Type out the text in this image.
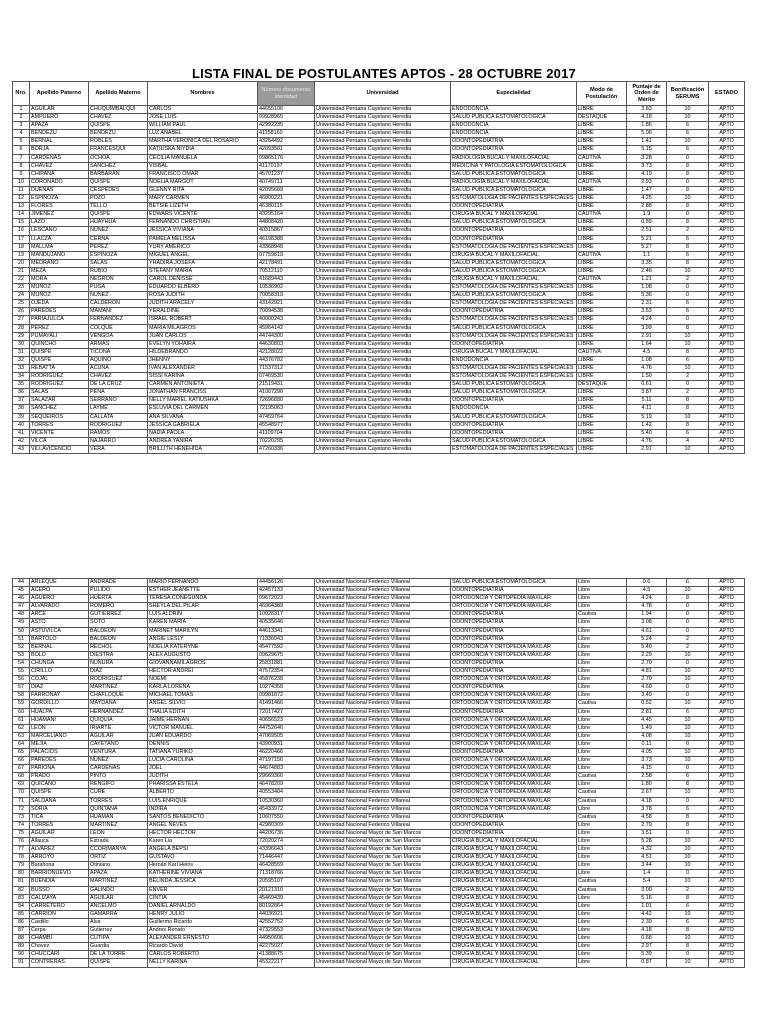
LISTA FINAL DE POSTULANTES APTOS - 28 OCTUBRE 2017
Nro.	Apellido Paterno	Apellido Materno	Nombres	Número documento identidad	Universidad	Especialidad	Modo de Postulación	Puntaje de Orden de Mérito	Bonificación SERUMS	ESTADO
1	AGUILAR	CHUQUIMBALQUI	CARLOS	44655106	Universidad Peruana Cayetano Heredia	ENDODONCIA	LIBRE	3.83	10	APTO
2	AMPUERO	CHAVEZ	JOSE LUIS	09928965	Universidad Peruana Cayetano Heredia	SALUD PUBLICA ESTOMATOLOGICA	DESTAQUE	4.18	10	APTO
3	APAZA	QUISPE	WILLIAM PAUL	42992235	Universidad Peruana Cayetano Heredia	ENDODONCIA	LIBRE	1.86	6	APTO
4	BENDEZU	BENDEZU	LUZ ANABEL	41158160	Universidad Peruana Cayetano Heredia	ENDODONCIA	LIBRE	5.06	6	APTO
5	BERNAL	ROBLES	MARTHA VERONICA DEL ROSARIO	43254492	Universidad Peruana Cayetano Heredia	ODONTOPEDIATRIA	LIBRE	1.41	10	APTO
6	BORJA	FRANCESQUI	KATIUSKA NIYDIA	42093501	Universidad Peruana Cayetano Heredia	ODONTOPEDIATRIA	LIBRE	5.15	6	APTO
7	CARDENAS	OCHOA	CECILIA MANUELA	09865176	Universidad Peruana Cayetano Heredia	RADIOLOGIA BUCAL Y MAXILOFACIAL	CAUTIVA	3.28	0	APTO
8	CHAVEZ	SANCHEZ	VISBAL	41170197	Universidad Peruana Cayetano Heredia	MEDICINA Y PATOLOGIA ESTOMATOLOGICA	LIBRE	3.73	8	APTO
9	CHIPANA	BARBARAN	FRANCISCO OMAR	45701237	Universidad Peruana Cayetano Heredia	SALUD PUBLICA ESTOMATOLOGICA	LIBRE	4.19	8	APTO
10	CORONADO	QUISPE	NOELIA MARGOT	40749711	Universidad Peruana Cayetano Heredia	RADIOLOGIA BUCAL Y MAXILOFACIAL	CAUTIVA	2.93	0	APTO
11	DUEÑAS	CESPEDES	GLENNY RITA	42095609	Universidad Peruana Cayetano Heredia	SALUD PUBLICA ESTOMATOLOGICA	LIBRE	1.47	8	APTO
12	ESPINOZA	POZO	MARY CARMEN	46800221	Universidad Peruana Cayetano Heredia	ESTOMATOLOGIA DE PACIENTES ESPECIALES	LIBRE	4.25	10	APTO
13	FLORES	TELLO	BETSIE LIZETH	46380115	Universidad Peruana Cayetano Heredia	ODONTOPEDIATRIA	LIBRE	2.88	8	APTO
14	JIMENEZ	QUISPE	EDWARS VICENTE	43295164	Universidad Peruana Cayetano Heredia	CIRUGIA BUCAL Y MAXILOFACIAL	CAUTIVA	1.9	0	APTO
15	LAZO	HUAYHUA	FERNANDO CHRISTIAN	44808420	Universidad Peruana Cayetano Heredia	SALUD PUBLICA ESTOMATOLOGICA	LIBRE	0.89	8	APTO
16	LESCANO	NUÑEZ	JESSICA VIVIANA	40315867	Universidad Peruana Cayetano Heredia	ODONTOPEDIATRIA	LIBRE	2.51	2	APTO
17	LLACZA	CERNA	PAMELA MELISSA	46198388	Universidad Peruana Cayetano Heredia	ODONTOPEDIATRIA	LIBRE	5.21	6	APTO
18	MALLMA	PEREZ	YURY AMERICO	43368948	Universidad Peruana Cayetano Heredia	ESTOMATOLOGIA DE PACIENTES ESPECIALES	LIBRE	5.27	8	APTO
19	MANDUJANO	ESPINOZA	MIGUEL ANGEL	07759819	Universidad Peruana Cayetano Heredia	CIRUGIA BUCAL Y MAXILOFACIAL	CAUTIVA	1.1	6	APTO
20	MEDRANO	SALAS	YHADIRA JOSEFA	42178491	Universidad Peruana Cayetano Heredia	SALUD PUBLICA ESTOMATOLOGICA	LIBRE	3.35	8	APTO
21	MEZA	RUBIO	STEFANY MARIA	70512110	Universidad Peruana Cayetano Heredia	SALUD PUBLICA ESTOMATOLOGICA	LIBRE	2.46	10	APTO
22	MORA	NEGRON	CAROL DENISSE	41689443	Universidad Peruana Cayetano Heredia	CIRUGIA BUCAL Y MAXILOFACIAL	CAUTIVA	1.21	2	APTO
23	MUÑOZ	PUGA	EDUARDO ELBERD	10536902	Universidad Peruana Cayetano Heredia	ESTOMATOLOGIA DE PACIENTES ESPECIALES	LIBRE	1.08	0	APTO
24	MUÑOZ	NUÑEZ	ROSA JUDITH	70058319	Universidad Peruana Cayetano Heredia	SALUD PUBLICA ESTOMATOLOGICA	LIBRE	5.36	0	APTO
25	OJEDA	CALDERON	JUDITH ARACELY	43142921	Universidad Peruana Cayetano Heredia	ESTOMATOLOGIA DE PACIENTES ESPECIALES	LIBRE	2.31	6	APTO
26	PAREDES	MAMANI	YERALDINE	70094538	Universidad Peruana Cayetano Heredia	ODONTOPEDIATRIA	LIBRE	3.53	6	APTO
27	PARIAJULCA	FERNANDEZ	ISRAEL ROBERT	40000243	Universidad Peruana Cayetano Heredia	ESTOMATOLOGIA DE PACIENTES ESPECIALES	LIBRE	4.24	0	APTO
28	PEREZ	COLQUE	MARIA MILAGROS	45964142	Universidad Peruana Cayetano Heredia	SALUD PUBLICA ESTOMATOLOGICA	LIBRE	3.99	8	APTO
29	PUMAYALI	VENGOA	JUAN CARLOS	44744300	Universidad Peruana Cayetano Heredia	ESTOMATOLOGIA DE PACIENTES ESPECIALES	LIBRE	2.91	10	APTO
30	QUINCHO	ARMAS	EVELYN YOHAIRA	44630803	Universidad Peruana Cayetano Heredia	ODONTOPEDIATRIA	LIBRE	1.64	10	APTO
31	QUISPE	TICONA	HILDEBRANDO	42128022	Universidad Peruana Cayetano Heredia	CIRUGIA BUCAL Y MAXILOFACIAL	CAUTIVA	4.5	8	APTO
32	QUISPE	AQUINO	JHENNY	44376782	Universidad Peruana Cayetano Heredia	ENDODONCIA	LIBRE	1.08	6	APTO
33	REBATTA	ACUÑA	IVAN ALEXANDER	71537312	Universidad Peruana Cayetano Heredia	ESTOMATOLOGIA DE PACIENTES ESPECIALES	LIBRE	4.76	10	APTO
34	RODRIGUEZ	CHAVEZ	SISSI KARINA	07469530	Universidad Peruana Cayetano Heredia	ESTOMATOLOGIA DE PACIENTES ESPECIALES	LIBRE	1.50	2	APTO
35	RODRIGUEZ	DE LA CRUZ	CARMEN ANTONIETA	21519431	Universidad Peruana Cayetano Heredia	SALUD PUBLICA ESTOMATOLOGICA	DESTAQUE	0.61	0	APTO
36	SALAS	PEÑA	JONATHAN FRANCISS	41007290	Universidad Peruana Cayetano Heredia	SALUD PUBLICA ESTOMATOLOGICA	LIBRE	3.87	2	APTO
37	SALAZAR	SERRANO	NELLY MARIEL KATIUSHKA	72696880	Universidad Peruana Cayetano Heredia	ODONTOPEDIATRIA	LIBRE	5.11	8	APTO
38	SANCHEZ	LAYME	ESLUVIA DEL CARMEN	72195063	Universidad Peruana Cayetano Heredia	ENDODONCIA	LIBRE	4.11	8	APTO
39	SEQUEIROS	CALLATA	ANA SILVANA	47459764	Universidad Peruana Cayetano Heredia	SALUD PUBLICA ESTOMATOLOGICA	LIBRE	5.19	10	APTO
40	TORRES	RODRIGUEZ	JESSICA GABRIELA	45548977	Universidad Peruana Cayetano Heredia	ODONTOPEDIATRIA	LIBRE	1.42	8	APTO
41	VICENTE	RAMOS	NADIA PAOLA	41109704	Universidad Peruana Cayetano Heredia	ODONTOPEDIATRIA	LIBRE	5.40	6	APTO
42	VILCA	NAJARRO	ANDREA YANIRA	70220295	Universidad Peruana Cayetano Heredia	SALUD PUBLICA ESTOMATOLOGICA	LIBRE	4.76	4	APTO
43	VILLAVICENCIO	VERA	BRILLITH HENEHIDA	47260336	Universidad Peruana Cayetano Heredia	ESTOMATOLOGIA DE PACIENTES ESPECIALES	LIBRE	2.91	10	APTO
44	ARLEQUE	ANDRADE	MARIO FERNANDO	44456126	Universidad Nacional Federico Villareal	SALUD PUBLICA ESTOMATOLOGICA	Libre	0.6	6	APTO
45	ACERO	PULIDO	ESTHER JEANETTE	42457133	Universidad Nacional Federico Villareal	ODONTOPEDIATRIA	Libre	4.5	10	APTO
46	AGUERO	HUERTA	TERESA CONEGUNDA	09672023	Universidad Nacional Federico Villareal	ORTODONCIA Y ORTOPEDIA MAXILAR	Libre	4.24	8	APTO
47	ALVARADO	ROMERO	SHEYLA DEL PILAR	46964389	Universidad Nacional Federico Villareal	ORTODONCIA Y ORTOPEDIA MAXILAR	Libre	4.78	0	APTO
48	ARCE	GUTIERREZ	LUIS ALDRIN	10028317	Universidad Nacional Federico Villareal	ODONTOPEDIATRIA	Cautiva	1.94	0	APTO
49	ASTO	SOTO	KAREN MARIA	40535646	Universidad Nacional Federico Villareal	ODONTOPEDIATRIA	Libre	3.08	0	APTO
50	ASTUVILCA	BALDEON	MARINET MARILYN	44613341	Universidad Nacional Federico Villareal	ODONTOPEDIATRIA	Libre	4.61	0	APTO
51	BARTOLO	BALDEÓN	ANGIE LESLY	71336043	Universidad Nacional Federico Villareal	ODONTOPEDIATRIA	Libre	5.24	2	APTO
52	BERNAL	RECHOL	NOELIA KATERYNE	45477592	Universidad Nacional Federico Villareal	ORTODONCIA Y ORTOPEDIA MAXILAR	Libre	5.40	2	APTO
53	BOLO	DIESTRA	ALEX AUGUSTO	09629675	Universidad Nacional Federico Villareal	ORTODONCIA Y ORTOPEDIA MAXILAR	Libre	2.29	10	APTO
54	CHUNGA	NUNURA	GIOVANNAMILAGROS	25831881	Universidad Nacional Federico Villareal	ODONTOPEDIATRIA	Libre	2.70	0	APTO
55	CIRILLO	DIAZ	HECTOR ANDREI	47572354	Universidad Nacional Federico Villareal	ODONTOPEDIATRIA	Libre	4.81	10	APTO
56	COJAL	RODRIGUEZ	NOEMI	45876238	Universidad Nacional Federico Villareal	ORTODONCIA Y ORTOPEDIA MAXILAR	Libre	2.70	10	APTO
57	DIAZ	MARTINEZ	KARLA LORENA	10274358	Universidad Nacional Federico Villareal	ODONTOPEDIATRIA	Libre	4.60	0	APTO
58	FARROÑAY	CHAFLOQUE	MICHAEL TOMAS	09981872	Universidad Nacional Federico Villareal	ORTODONCIA Y ORTOPEDIA MAXILAR	Libre	3.49	0	APTO
59	GORDILLO	MAYDANA	ANGEL SILVIO	41491466	Universidad Nacional Federico Villareal	ORTODONCIA Y ORTOPEDIA MAXILAR	Cautiva	0.52	10	APTO
60	HUALPA	HERNANDEZ	THALIA EDITH	72017427	Universidad Nacional Federico Villareal	ODONTOPEDIATRIA	Libre	2.81	6	APTO
61	HUAMANI	QUIQUIA	JAIME HERNAN	40656523	Universidad Nacional Federico Villareal	ORTODONCIA Y ORTOPEDIA MAXILAR	Libre	4.45	10	APTO
62	LEON	IRIARTE	VICTOR MANUEL	44752646	Universidad Nacional Federico Villareal	ORTODONCIA Y ORTOPEDIA MAXILAR	Libre	1.49	10	APTO
63	MARCELIANO	AGUILAR	JUAN EDUARDO	47069505	Universidad Nacional Federico Villareal	ORTODONCIA Y ORTOPEDIA MAXILAR	Libre	4.08	10	APTO
64	MEJIA	CAYETANO	DENNIS	43900931	Universidad Nacional Federico Villareal	ORTODONCIA Y ORTOPEDIA MAXILAR	Libre	0.11	0	APTO
65	PALACIOS	VENTURA	TATIANA YURIKO	46220466	Universidad Nacional Federico Villareal	ODONTOPEDIATRIA	Libre	4.05	10	APTO
66	PAREDES	NUÑEZ	LUCIA CAROLINA	47197156	Universidad Nacional Federico Villareal	ORTODONCIA Y ORTOPEDIA MAXILAR	Libre	3.73	10	APTO
67	PARIONA	CARDENAS	JOEL	44674883	Universidad Nacional Federico Villareal	ORTODONCIA Y ORTOPEDIA MAXILAR	Libre	4.15	0	APTO
68	PRADO	PINTO	JUDITH	29669366	Universidad Nacional Federico Villareal	ORTODONCIA Y ORTOPEDIA MAXILAR	Cautiva	2.58	6	APTO
69	QUICAÑO	RENGIFO	PHARISSA ESTELA	46478209	Universidad Nacional Federico Villareal	ORTODONCIA Y ORTOPEDIA MAXILAR	Libre	1.80	8	APTO
70	QUISPE	CURE	ALBERTO	40553404	Universidad Nacional Federico Villareal	ORTODONCIA Y ORTOPEDIA MAXILAR	Cautiva	2.67	10	APTO
71	SALDAÑA	TORRES	LUIS ENRIQUE	10530360	Universidad Nacional Federico Villareal	ORTODONCIA Y ORTOPEDIA MAXILAR	Cautiva	4.18	0	APTO
72	SORIA	QUINTANA	INDIRA	45433972	Universidad Nacional Federico Villareal	ORTODONCIA Y ORTOPEDIA MAXILAR	Libre	3.78	6	APTO
73	TICA	HUAMAN	SANTOS BENEDICTO	10607550	Universidad Nacional Federico Villareal	ODONTOPEDIATRIA	Cautiva	4.58	8	APTO
74	TORRES	MARTINEZ	ANGEL NEVES	42980309	Universidad Nacional Federico Villareal	ODONTOPEDIATRIA	Libre	2.79	8	APTO
75	AGUILAR	LEÓN	HÉCTOR HÉCTOR	44206736	Universidad Nacional Mayor de San Marcos	ODONTOPEDIATRIA	Libre	3.51	0	APTO
76	Allauca	Estrada	Karen Lia	72020274	Universidad Nacional Mayor de San Marcos	CIRUGIA BUCAL Y MAXILOFACIAL	Libre	5.28	10	APTO
77	ALVAREZ	CCORIMANYA	ANGELA BEPSI	43396643	Universidad Nacional Mayor de San Marcos	CIRUGIA BUCAL Y MAXILOFACIAL	Libre	4.32	10	APTO
78	ARROYO	ORTIZ	GUSTAVO	71446447	Universidad Nacional Mayor de San Marcos	CIRUGIA BUCAL Y MAXILOFACIAL	Libre	4.51	10	APTO
79	Barahona	Otiniano	Hernán Karl Heins	46428559	Universidad Nacional Mayor de San Marcos	CIRUGIA BUCAL Y MAXILOFACIAL	Libre	3.44	10	APTO
80	BARRIONUEVO	APAZA	KATHERINE VIVIANA	71318766	Universidad Nacional Mayor de San Marcos	CIRUGIA BUCAL Y MAXILOFACIAL	Libre	1.4	0	APTO
81	BUENDIA	MARTÍNEZ	BELINDA JESSICA	20595107	Universidad Nacional Mayor de San Marcos	CIRUGIA BUCAL Y MAXILOFACIAL	Cautiva	5.4	10	APTO
82	BUSSO	GALINDO	ENVER	20121310	Universidad Nacional Mayor de San Marcos	CIRUGIA BUCAL Y MAXILOFACIAL	Cautiva	3.00	2	APTO
83	CALIZAYA	AGUILAR	CINTIA	45469439	Universidad Nacional Mayor de San Marcos	CIRUGIA BUCAL Y MAXILOFACIAL	Libre	5.16	8	APTO
84	CARRETERO	ANCELMO	DANIEL ARNALDO	80192864	Universidad Nacional Mayor de San Marcos	CIRUGIA BUCAL Y MAXILOFACIAL	Libre	1.01	6	APTO
85	CARRIÓN	GAMARRA	HENRY JULIO	44036921	Universidad Nacional Mayor de San Marcos	CIRUGIA BUCAL Y MAXILOFACIAL	Libre	4.42	10	APTO
86	Castillo	Alva	Guillermo Ricardo	42552752	Universidad Nacional Mayor de San Marcos	CIRUGIA BUCAL Y MAXILOFACIAL	Libre	2.39	6	APTO
87	Cerpa	Gutierrez	Andres Renato	47329553	Universidad Nacional Mayor de San Marcos	CIRUGIA BUCAL Y MAXILOFACIAL	Libre	4.18	8	APTO
88	CHAMBI	CUTIPA	ALEXANDER ERNESTO	44950606	Universidad Nacional Mayor de San Marcos	CIRUGIA BUCAL Y MAXILOFACIAL	Libre	0.66	10	APTO
89	Chavez	Guardia	Ricardo David	42275027	Universidad Nacional Mayor de San Marcos	CIRUGIA BUCAL Y MAXILOFACIAL	Libre	2.97	8	APTO
90	CHUCCARI	DE LA TORRE	CARLOS ROBERTO	41388675	Universidad Nacional Mayor de San Marcos	CIRUGIA BUCAL Y MAXILOFACIAL	Libre	5.39	0	APTO
91	CONTRERAS	QUISPE	NELLY KARINA	45322217	Universidad Nacional Mayor de San Marcos	CIRUGIA BUCAL Y MAXILOFACIAL	Libre	0.87	10	APTO
